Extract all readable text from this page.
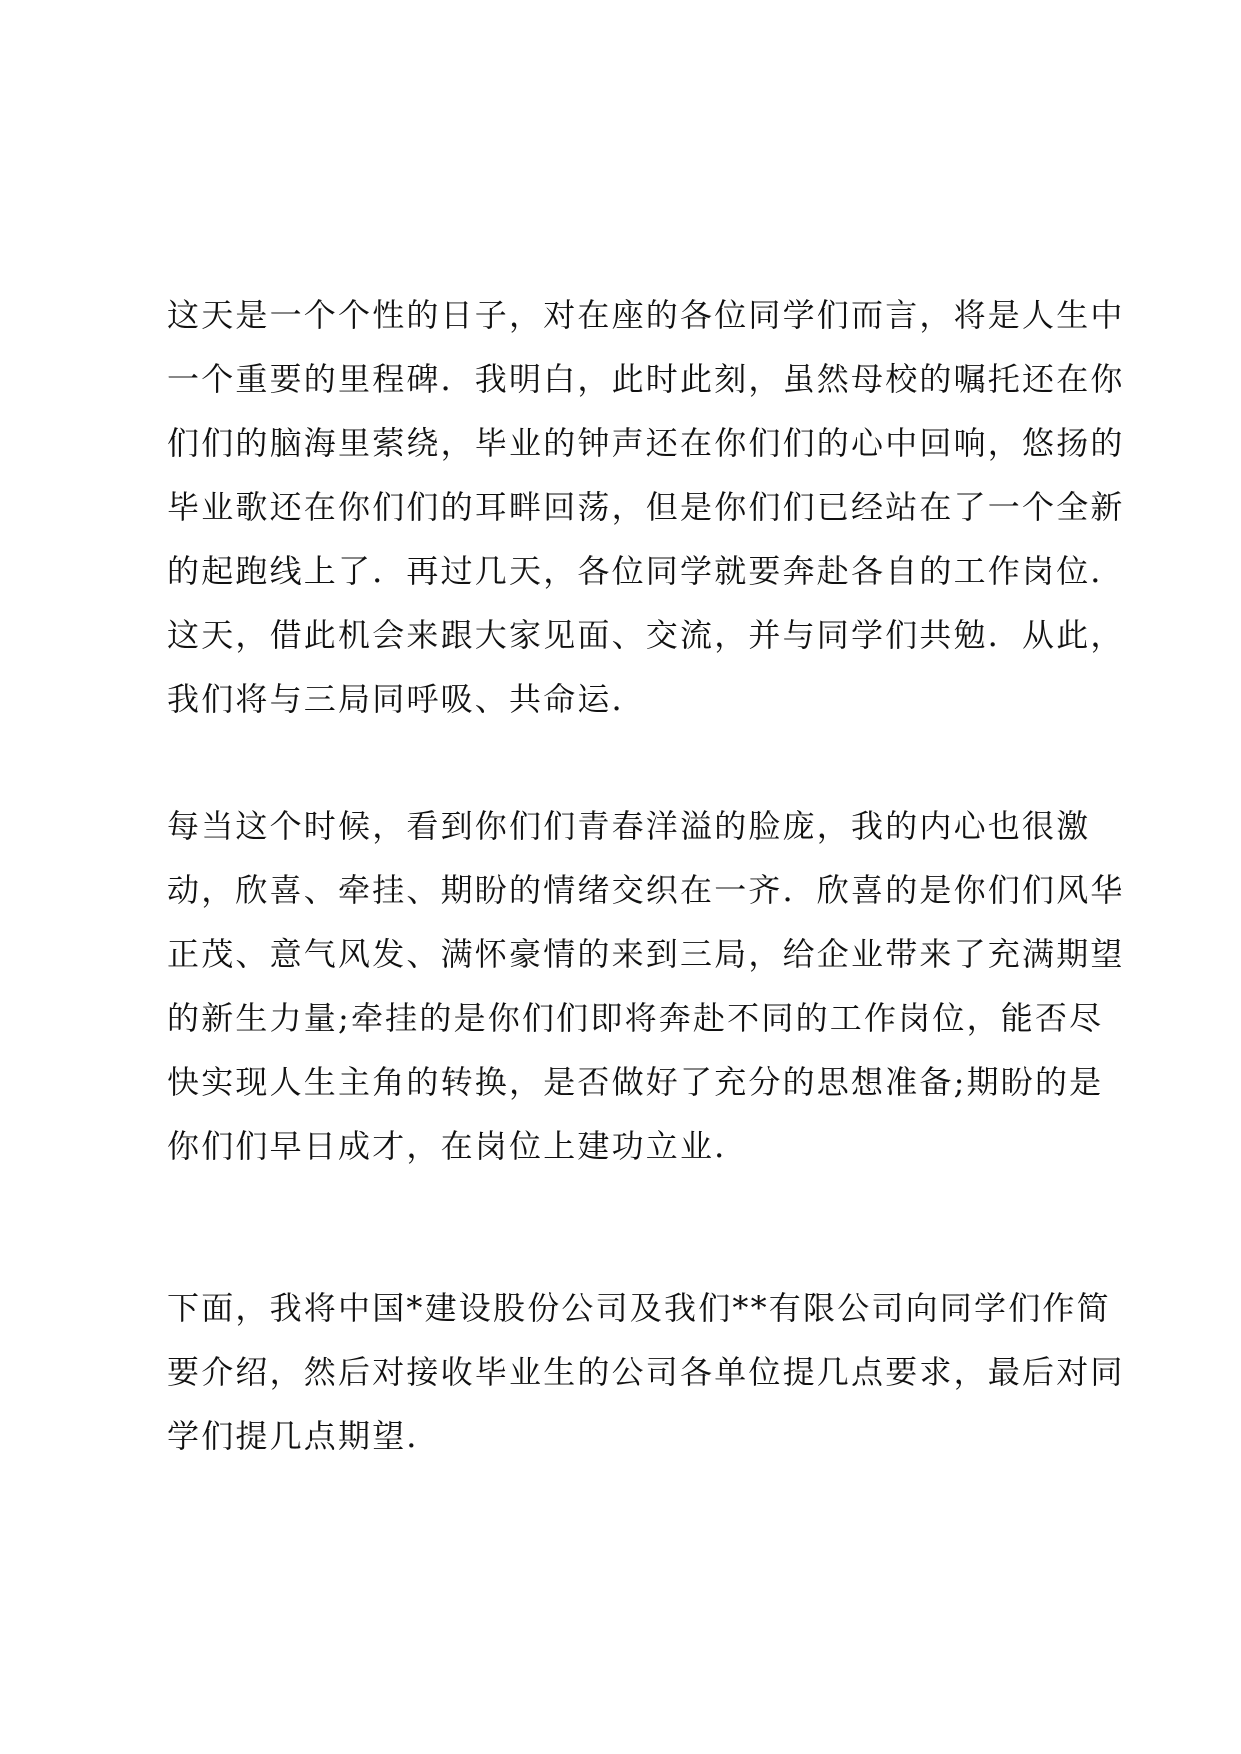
这天是一个个性的日子，对在座的各位同学们而言，将是人生中
一个重要的里程碑．我明白，此时此刻，虽然母校的嘱托还在你
们们的脑海里萦绕，毕业的钟声还在你们们的心中回响，悠扬的
毕业歌还在你们们的耳畔回荡，但是你们们已经站在了一个全新
的起跑线上了．再过几天，各位同学就要奔赴各自的工作岗位．
这天，借此机会来跟大家见面、交流，并与同学们共勉．从此，
我们将与三局同呼吸、共命运．
每当这个时候，看到你们们青春洋溢的脸庞，我的内心也很激
动，欣喜、牵挂、期盼的情绪交织在一齐．欣喜的是你们们风华
正茂、意气风发、满怀豪情的来到三局，给企业带来了充满期望
的新生力量;牵挂的是你们们即将奔赴不同的工作岗位，能否尽
快实现人生主角的转换，是否做好了充分的思想准备;期盼的是
你们们早日成才，在岗位上建功立业．
下面，我将中国*建设股份公司及我们**有限公司向同学们作简
要介绍，然后对接收毕业生的公司各单位提几点要求，最后对同
学们提几点期望．
